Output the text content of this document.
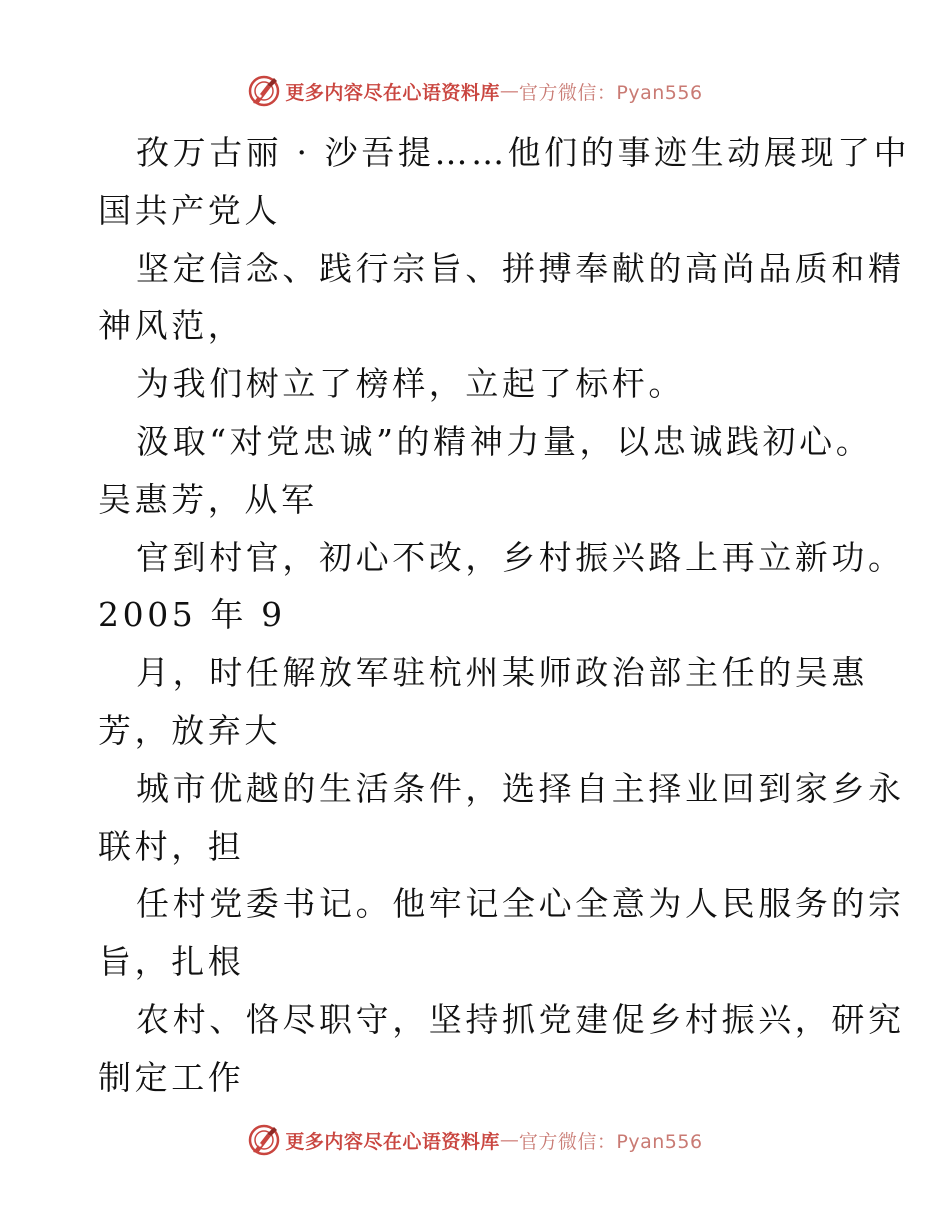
更多内容尽在心语资料库 — 官方微信：Pyan556
孜万古丽 · 沙吾提……他们的事迹生动展现了中
国共产党人
坚定信念、践行宗旨、拼搏奉献的高尚品质和精
神风范，
为我们树立了榜样，立起了标杆。
汲取“对党忠诚”的精神力量，以忠诚践初心。
吴惠芳，从军
官到村官，初心不改，乡村振兴路上再立新功。
2005 年 9
月，时任解放军驻杭州某师政治部主任的吴惠
芳，放弃大
城市优越的生活条件，选择自主择业回到家乡永
联村，担
任村党委书记。他牢记全心全意为人民服务的宗
旨，扎根
农村、恪尽职守，坚持抓党建促乡村振兴，研究
制定工作
更多内容尽在心语资料库 — 官方微信：Pyan556
